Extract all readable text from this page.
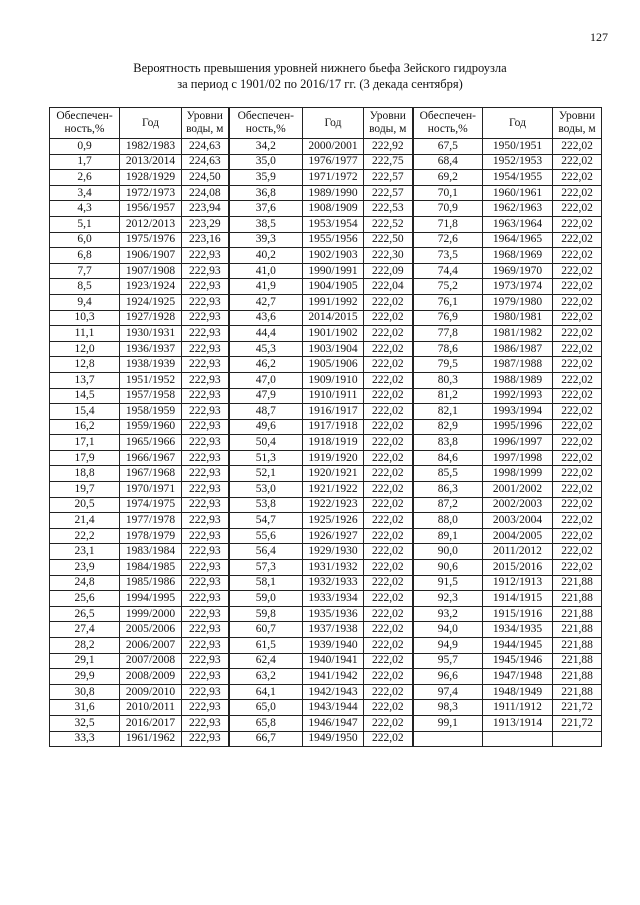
127
Вероятность превышения уровней нижнего бьефа Зейского гидроузла
за период с 1901/02 по 2016/17 гг. (3 декада сентября)
Обеспечен-ность,%	Год	Уровни воды, м	Обеспечен-ность,%	Год	Уровни воды, м	Обеспечен-ность,%	Год	Уровни воды, м
0,9	1982/1983	224,63	34,2	2000/2001	222,92	67,5	1950/1951	222,02
1,7	2013/2014	224,63	35,0	1976/1977	222,75	68,4	1952/1953	222,02
2,6	1928/1929	224,50	35,9	1971/1972	222,57	69,2	1954/1955	222,02
3,4	1972/1973	224,08	36,8	1989/1990	222,57	70,1	1960/1961	222,02
4,3	1956/1957	223,94	37,6	1908/1909	222,53	70,9	1962/1963	222,02
5,1	2012/2013	223,29	38,5	1953/1954	222,52	71,8	1963/1964	222,02
6,0	1975/1976	223,16	39,3	1955/1956	222,50	72,6	1964/1965	222,02
6,8	1906/1907	222,93	40,2	1902/1903	222,30	73,5	1968/1969	222,02
7,7	1907/1908	222,93	41,0	1990/1991	222,09	74,4	1969/1970	222,02
8,5	1923/1924	222,93	41,9	1904/1905	222,04	75,2	1973/1974	222,02
9,4	1924/1925	222,93	42,7	1991/1992	222,02	76,1	1979/1980	222,02
10,3	1927/1928	222,93	43,6	2014/2015	222,02	76,9	1980/1981	222,02
11,1	1930/1931	222,93	44,4	1901/1902	222,02	77,8	1981/1982	222,02
12,0	1936/1937	222,93	45,3	1903/1904	222,02	78,6	1986/1987	222,02
12,8	1938/1939	222,93	46,2	1905/1906	222,02	79,5	1987/1988	222,02
13,7	1951/1952	222,93	47,0	1909/1910	222,02	80,3	1988/1989	222,02
14,5	1957/1958	222,93	47,9	1910/1911	222,02	81,2	1992/1993	222,02
15,4	1958/1959	222,93	48,7	1916/1917	222,02	82,1	1993/1994	222,02
16,2	1959/1960	222,93	49,6	1917/1918	222,02	82,9	1995/1996	222,02
17,1	1965/1966	222,93	50,4	1918/1919	222,02	83,8	1996/1997	222,02
17,9	1966/1967	222,93	51,3	1919/1920	222,02	84,6	1997/1998	222,02
18,8	1967/1968	222,93	52,1	1920/1921	222,02	85,5	1998/1999	222,02
19,7	1970/1971	222,93	53,0	1921/1922	222,02	86,3	2001/2002	222,02
20,5	1974/1975	222,93	53,8	1922/1923	222,02	87,2	2002/2003	222,02
21,4	1977/1978	222,93	54,7	1925/1926	222,02	88,0	2003/2004	222,02
22,2	1978/1979	222,93	55,6	1926/1927	222,02	89,1	2004/2005	222,02
23,1	1983/1984	222,93	56,4	1929/1930	222,02	90,0	2011/2012	222,02
23,9	1984/1985	222,93	57,3	1931/1932	222,02	90,6	2015/2016	222,02
24,8	1985/1986	222,93	58,1	1932/1933	222,02	91,5	1912/1913	221,88
25,6	1994/1995	222,93	59,0	1933/1934	222,02	92,3	1914/1915	221,88
26,5	1999/2000	222,93	59,8	1935/1936	222,02	93,2	1915/1916	221,88
27,4	2005/2006	222,93	60,7	1937/1938	222,02	94,0	1934/1935	221,88
28,2	2006/2007	222,93	61,5	1939/1940	222,02	94,9	1944/1945	221,88
29,1	2007/2008	222,93	62,4	1940/1941	222,02	95,7	1945/1946	221,88
29,9	2008/2009	222,93	63,2	1941/1942	222,02	96,6	1947/1948	221,88
30,8	2009/2010	222,93	64,1	1942/1943	222,02	97,4	1948/1949	221,88
31,6	2010/2011	222,93	65,0	1943/1944	222,02	98,3	1911/1912	221,72
32,5	2016/2017	222,93	65,8	1946/1947	222,02	99,1	1913/1914	221,72
33,3	1961/1962	222,93	66,7	1949/1950	222,02			
